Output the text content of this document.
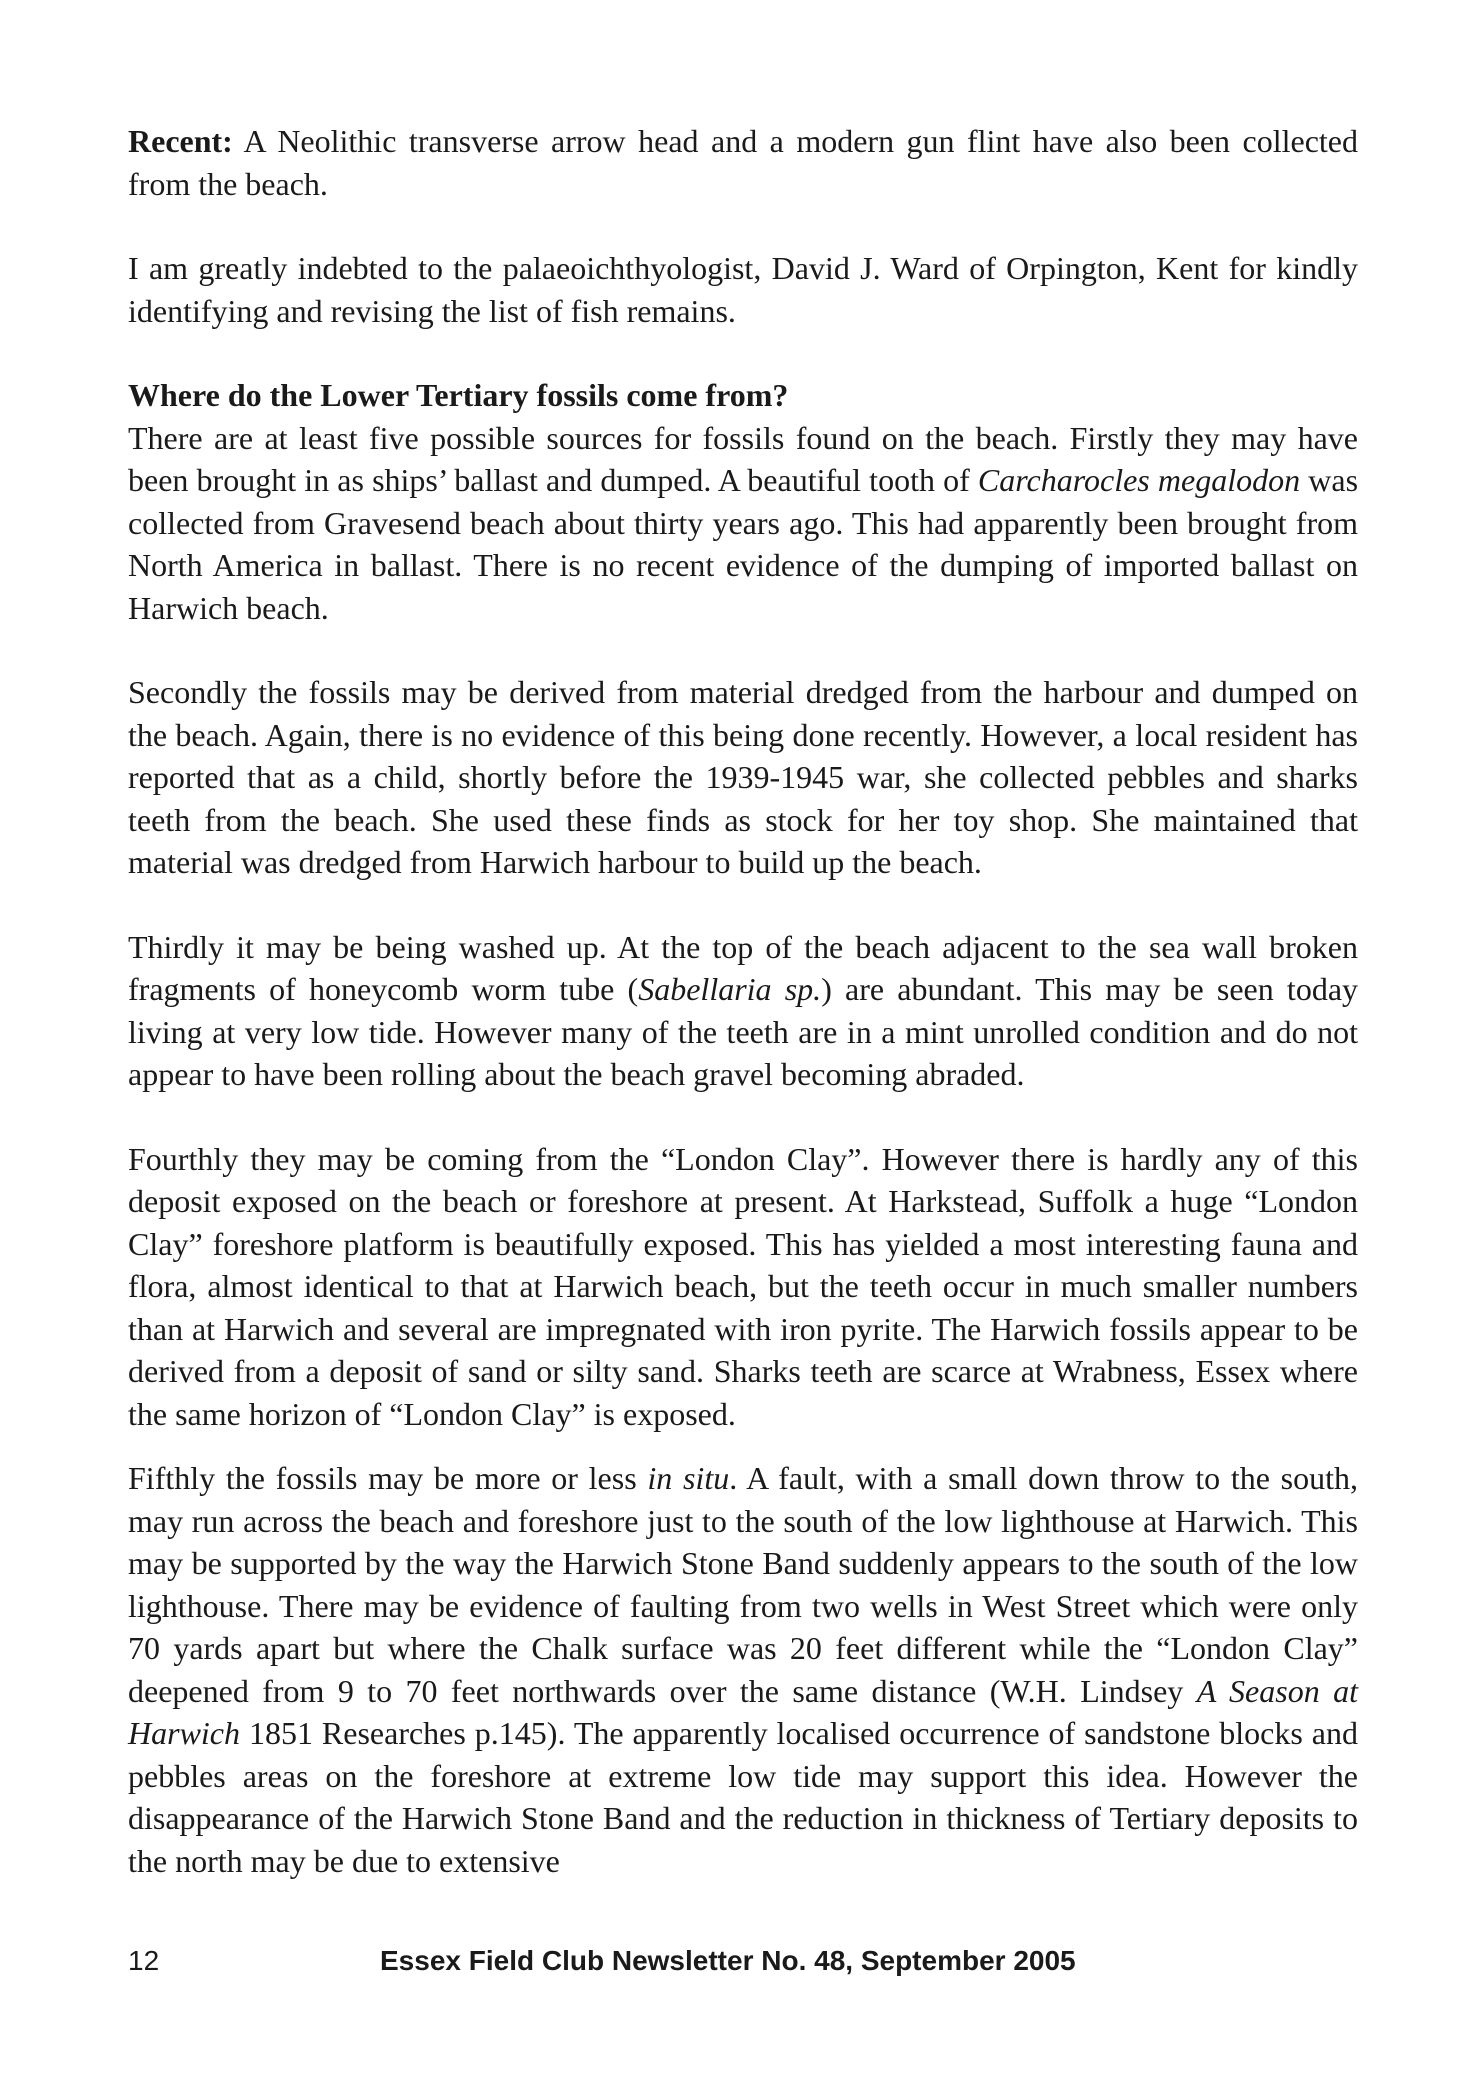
Recent: A Neolithic transverse arrow head and a modern gun flint have also been collected from the beach.

I am greatly indebted to the palaeoichthyologist, David J. Ward of Orpington, Kent for kindly identifying and revising the list of fish remains.

Where do the Lower Tertiary fossils come from?

There are at least five possible sources for fossils found on the beach. Firstly they may have been brought in as ships’ ballast and dumped. A beautiful tooth of Carcharocles megalodon was collected from Gravesend beach about thirty years ago. This had apparently been brought from North America in ballast. There is no recent evidence of the dumping of imported ballast on Harwich beach.

Secondly the fossils may be derived from material dredged from the harbour and dumped on the beach. Again, there is no evidence of this being done recently. However, a local resident has reported that as a child, shortly before the 1939-1945 war, she collected pebbles and sharks teeth from the beach. She used these finds as stock for her toy shop. She maintained that material was dredged from Harwich harbour to build up the beach.

Thirdly it may be being washed up. At the top of the beach adjacent to the sea wall broken fragments of honeycomb worm tube (Sabellaria sp.) are abundant. This may be seen today living at very low tide. However many of the teeth are in a mint unrolled condition and do not appear to have been rolling about the beach gravel becoming abraded.

Fourthly they may be coming from the “London Clay”. However there is hardly any of this deposit exposed on the beach or foreshore at present. At Harkstead, Suffolk a huge “London Clay” foreshore platform is beautifully exposed. This has yielded a most interesting fauna and flora, almost identical to that at Harwich beach, but the teeth occur in much smaller numbers than at Harwich and several are impregnated with iron pyrite. The Harwich fossils appear to be derived from a deposit of sand or silty sand. Sharks teeth are scarce at Wrabness, Essex where the same horizon of “London Clay” is exposed.

Fifthly the fossils may be more or less in situ. A fault, with a small down throw to the south, may run across the beach and foreshore just to the south of the low lighthouse at Harwich. This may be supported by the way the Harwich Stone Band suddenly appears to the south of the low lighthouse. There may be evidence of faulting from two wells in West Street which were only 70 yards apart but where the Chalk surface was 20 feet different while the “London Clay” deepened from 9 to 70 feet northwards over the same distance (W.H. Lindsey A Season at Harwich 1851 Researches p.145). The apparently localised occurrence of sandstone blocks and pebbles areas on the foreshore at extreme low tide may support this idea. However the disappearance of the Harwich Stone Band and the reduction in thickness of Tertiary deposits to the north may be due to extensive

12	Essex Field Club Newsletter No. 48, September 2005
